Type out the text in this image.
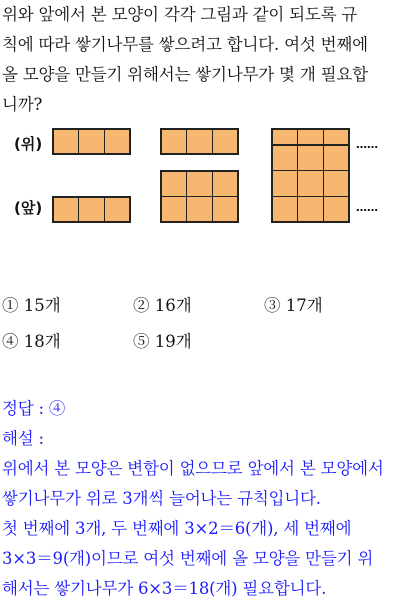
위와 앞에서 본 모양이 각각 그림과 같이 되도록 규
칙에 따라 쌓기나무를 쌓으려고 합니다. 여섯 번째에
올 모양을 만들기 위해서는 쌓기나무가 몇 개 필요합
니까?
(위)
(앞)
……
……
① 15개	② 16개	③ 17개
④ 18개	⑤ 19개
정답 : ④
해설 :
위에서 본 모양은 변함이 없으므로 앞에서 본 모양에서
쌓기나무가 위로 3개씩 늘어나는 규칙입니다.
첫 번째에 3개, 두 번째에 3×2＝6(개), 세 번째에
3×3＝9(개)이므로 여섯 번째에 올 모양을 만들기 위
해서는 쌓기나무가 6×3＝18(개) 필요합니다.
